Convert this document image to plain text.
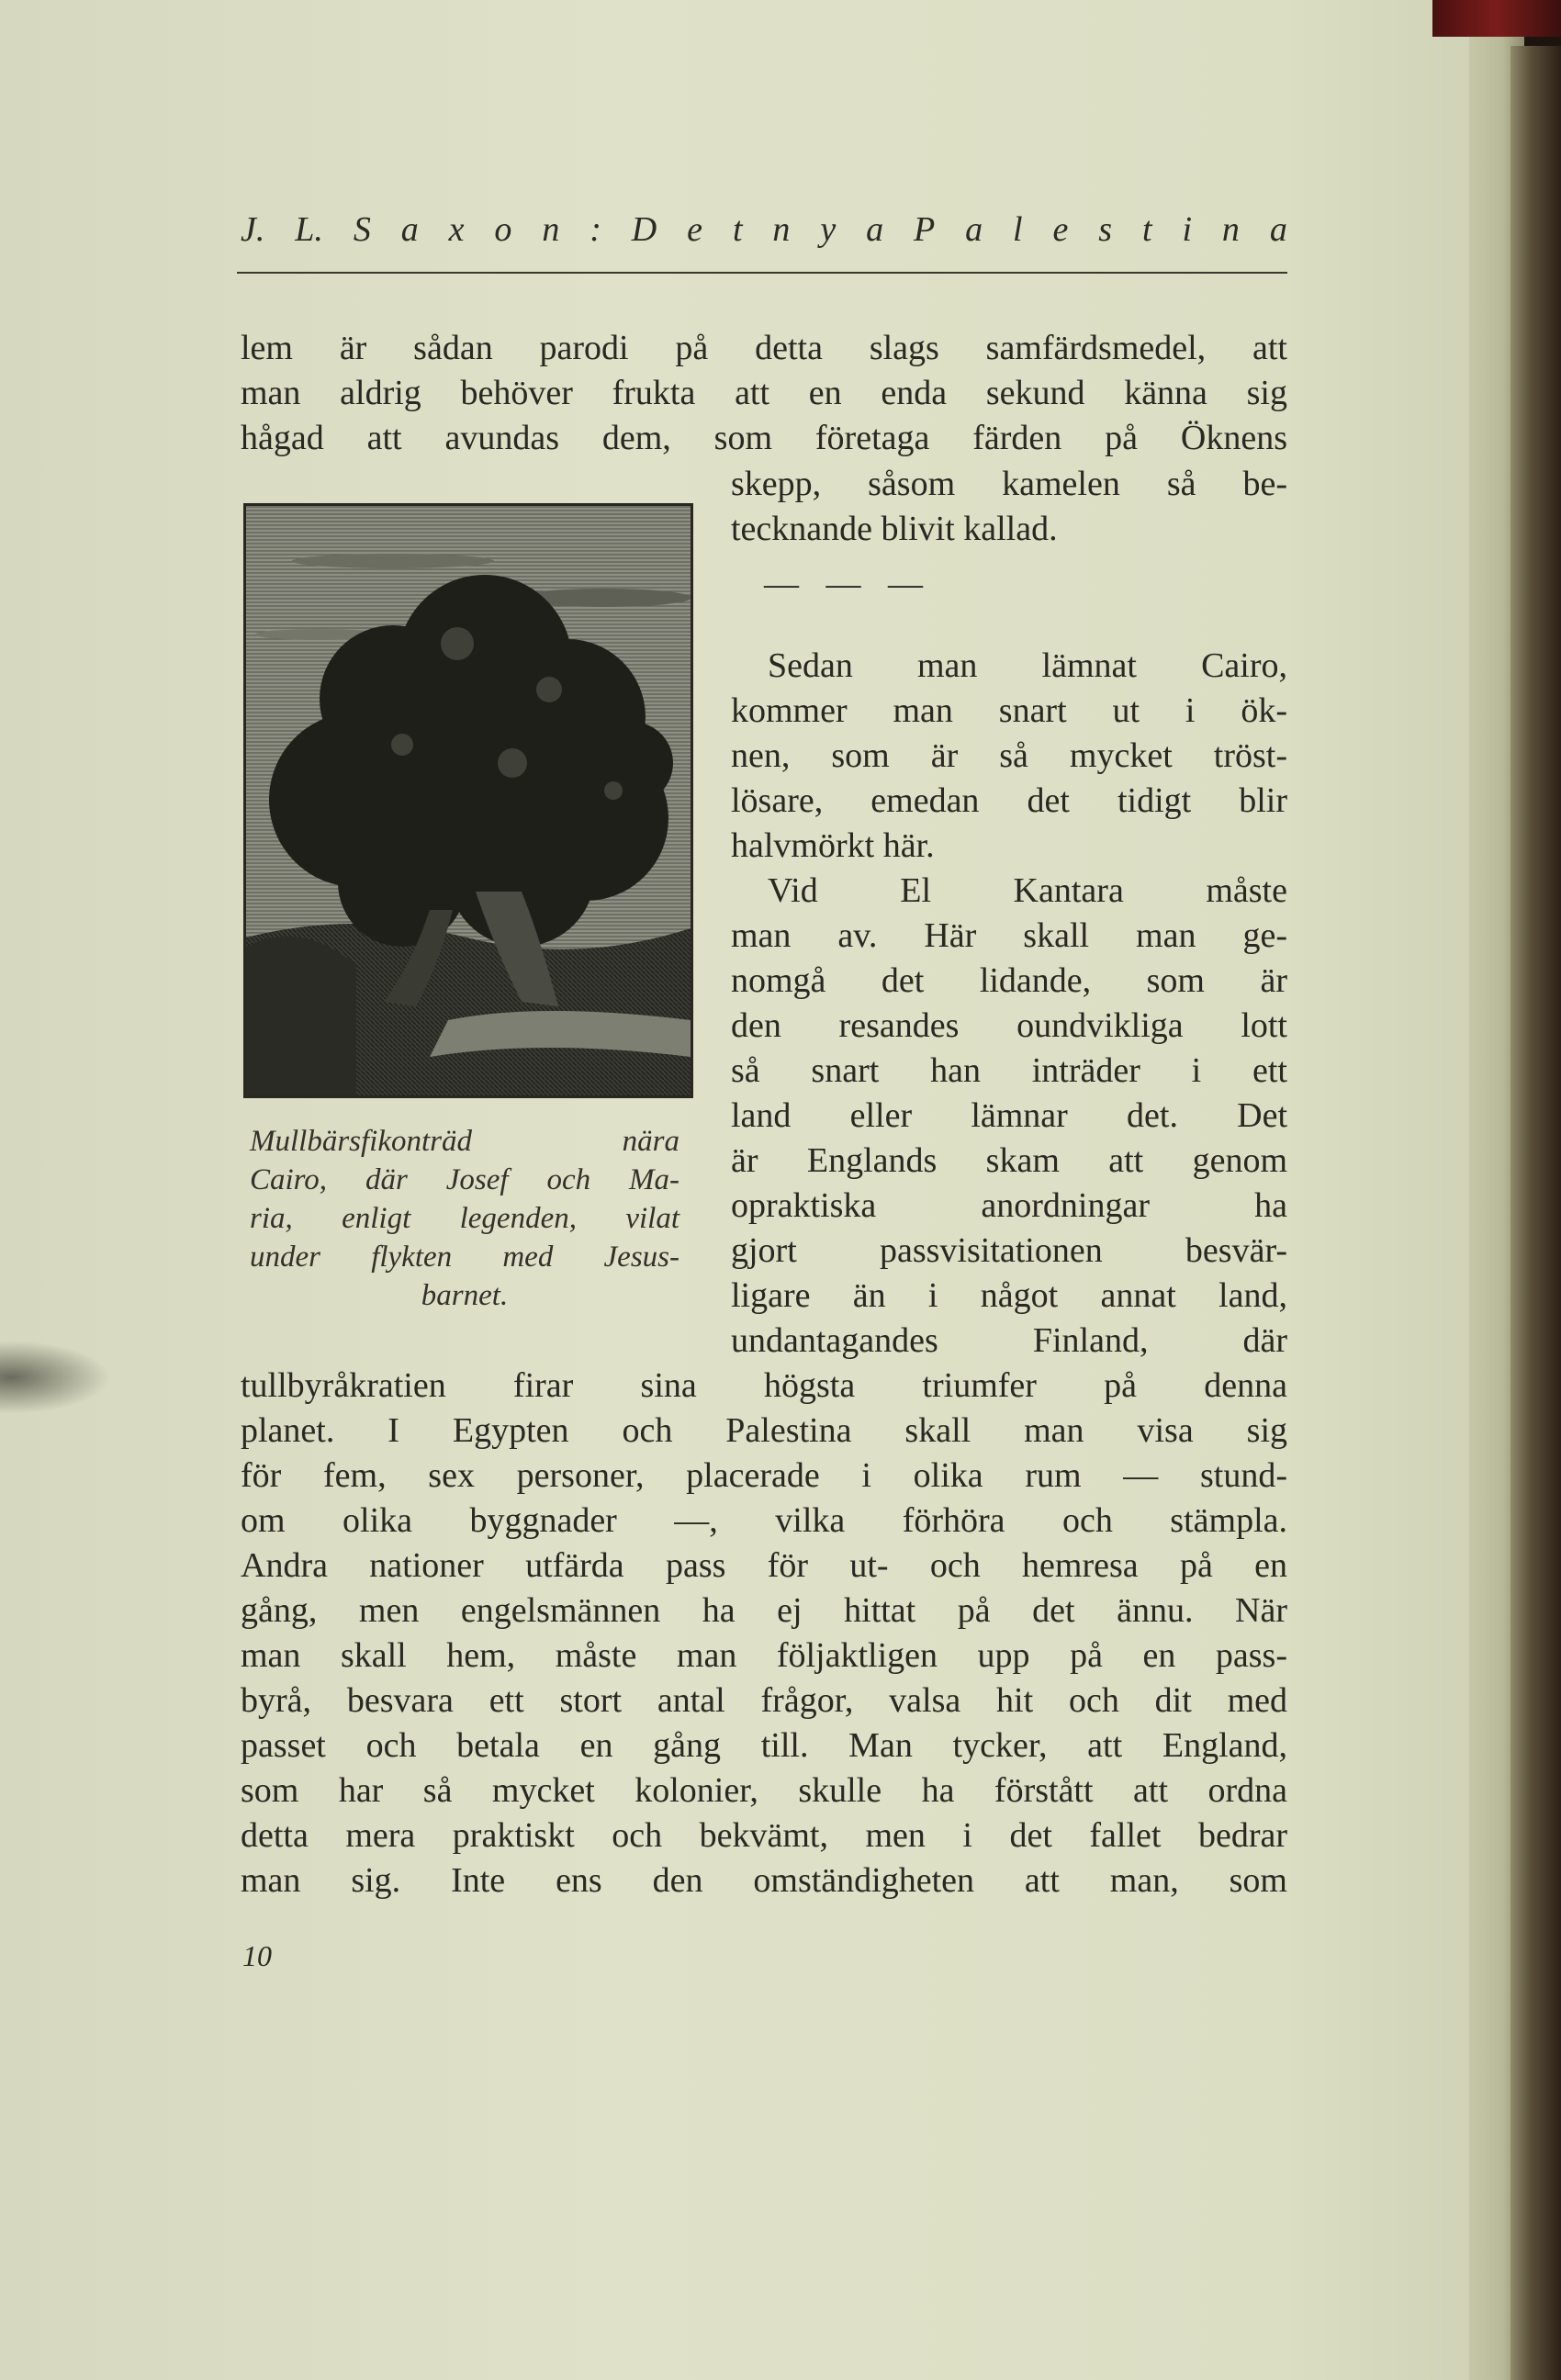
J. L. S a x o n : D e t n y a P a l e s t i n a
lem är sådan parodi på detta slags samfärdsmedel, att
man aldrig behöver frukta att en enda sekund känna sig
hågad att avundas dem, som företaga färden på Öknens
skepp, såsom kamelen så be-
tecknande blivit kallad.
— — —
Sedan man lämnat Cairo,
kommer man snart ut i ök-
nen, som är så mycket tröst-
lösare, emedan det tidigt blir
halvmörkt här.
Vid El Kantara måste
man av. Här skall man ge-
nomgå det lidande, som är
den resandes oundvikliga lott
så snart han inträder i ett
land eller lämnar det. Det
är Englands skam att genom
opraktiska anordningar ha
gjort passvisitationen besvär-
ligare än i något annat land,
undantagandes Finland, där
tullbyråkratien firar sina högsta triumfer på denna
planet. I Egypten och Palestina skall man visa sig
för fem, sex personer, placerade i olika rum — stund-
om olika byggnader —, vilka förhöra och stämpla.
Andra nationer utfärda pass för ut- och hemresa på en
gång, men engelsmännen ha ej hittat på det ännu. När
man skall hem, måste man följaktligen upp på en pass-
byrå, besvara ett stort antal frågor, valsa hit och dit med
passet och betala en gång till. Man tycker, att England,
som har så mycket kolonier, skulle ha förstått att ordna
detta mera praktiskt och bekvämt, men i det fallet bedrar
man sig. Inte ens den omständigheten att man, som
Mullbärsfikonträd nära
Cairo, där Josef och Ma-
ria, enligt legenden, vilat
under flykten med Jesus-
barnet.
10
